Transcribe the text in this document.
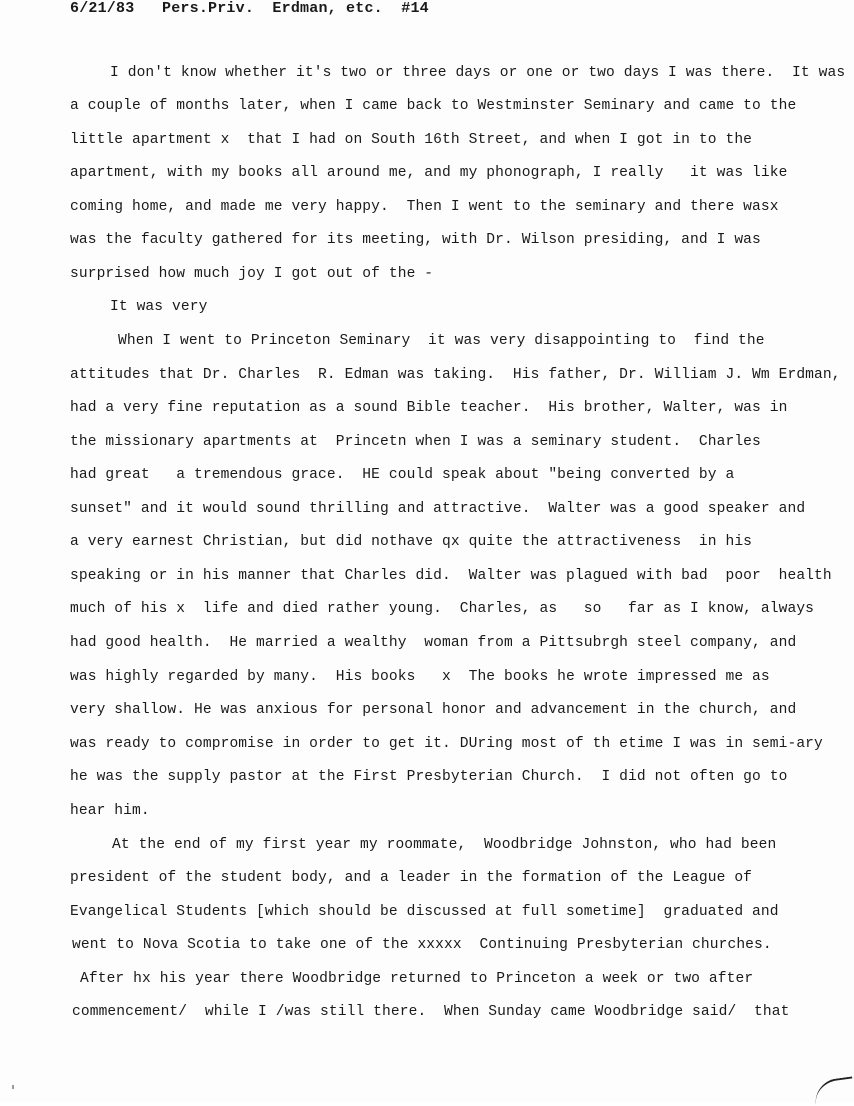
6/21/83   Pers.Priv.  Erdman, etc.  #14
I don't know whether it's two or three days or one or two days I was there.  It was
a couple of months later, when I came back to Westminster Seminary and came to the
little apartment x  that I had on South 16th Street, and when I got in to the
apartment, with my books all around me, and my phonograph, I really   it was like
coming home, and made me very happy.  Then I went to the seminary and there wasx
was the faculty gathered for its meeting, with Dr. Wilson presiding, and I was
surprised how much joy I got out of the -
It was very
When I went to Princeton Seminary  it was very disappointing to  find the
attitudes that Dr. Charles  R. Edman was taking.  His father, Dr. William J. Wm Erdman,
had a very fine reputation as a sound Bible teacher.  His brother, Walter, was in
the missionary apartments at  Princetn when I was a seminary student.  Charles
had great   a tremendous grace.  HE could speak about "being converted by a
sunset" and it would sound thrilling and attractive.  Walter was a good speaker and
a very earnest Christian, but did nothave qx quite the attractiveness  in his
speaking or in his manner that Charles did.  Walter was plagued with bad  poor  health
much of his x  life and died rather young.  Charles, as   so   far as I know, always
had good health.  He married a wealthy  woman from a Pittsubrgh steel company, and
was highly regarded by many.  His books   x  The books he wrote impressed me as
very shallow. He was anxious for personal honor and advancement in the church, and
was ready to compromise in order to get it. DUring most of th etime I was in semi-ary
he was the supply pastor at the First Presbyterian Church.  I did not often go to
hear him.
At the end of my first year my roommate,  Woodbridge Johnston, who had been
president of the student body, and a leader in the formation of the League of
Evangelical Students [which should be discussed at full sometime]  graduated and
went to Nova Scotia to take one of the xxxxx  Continuing Presbyterian churches.
After hx his year there Woodbridge returned to Princeton a week or two after
commencement/  while I /was still there.  When Sunday came Woodbridge said/  that
